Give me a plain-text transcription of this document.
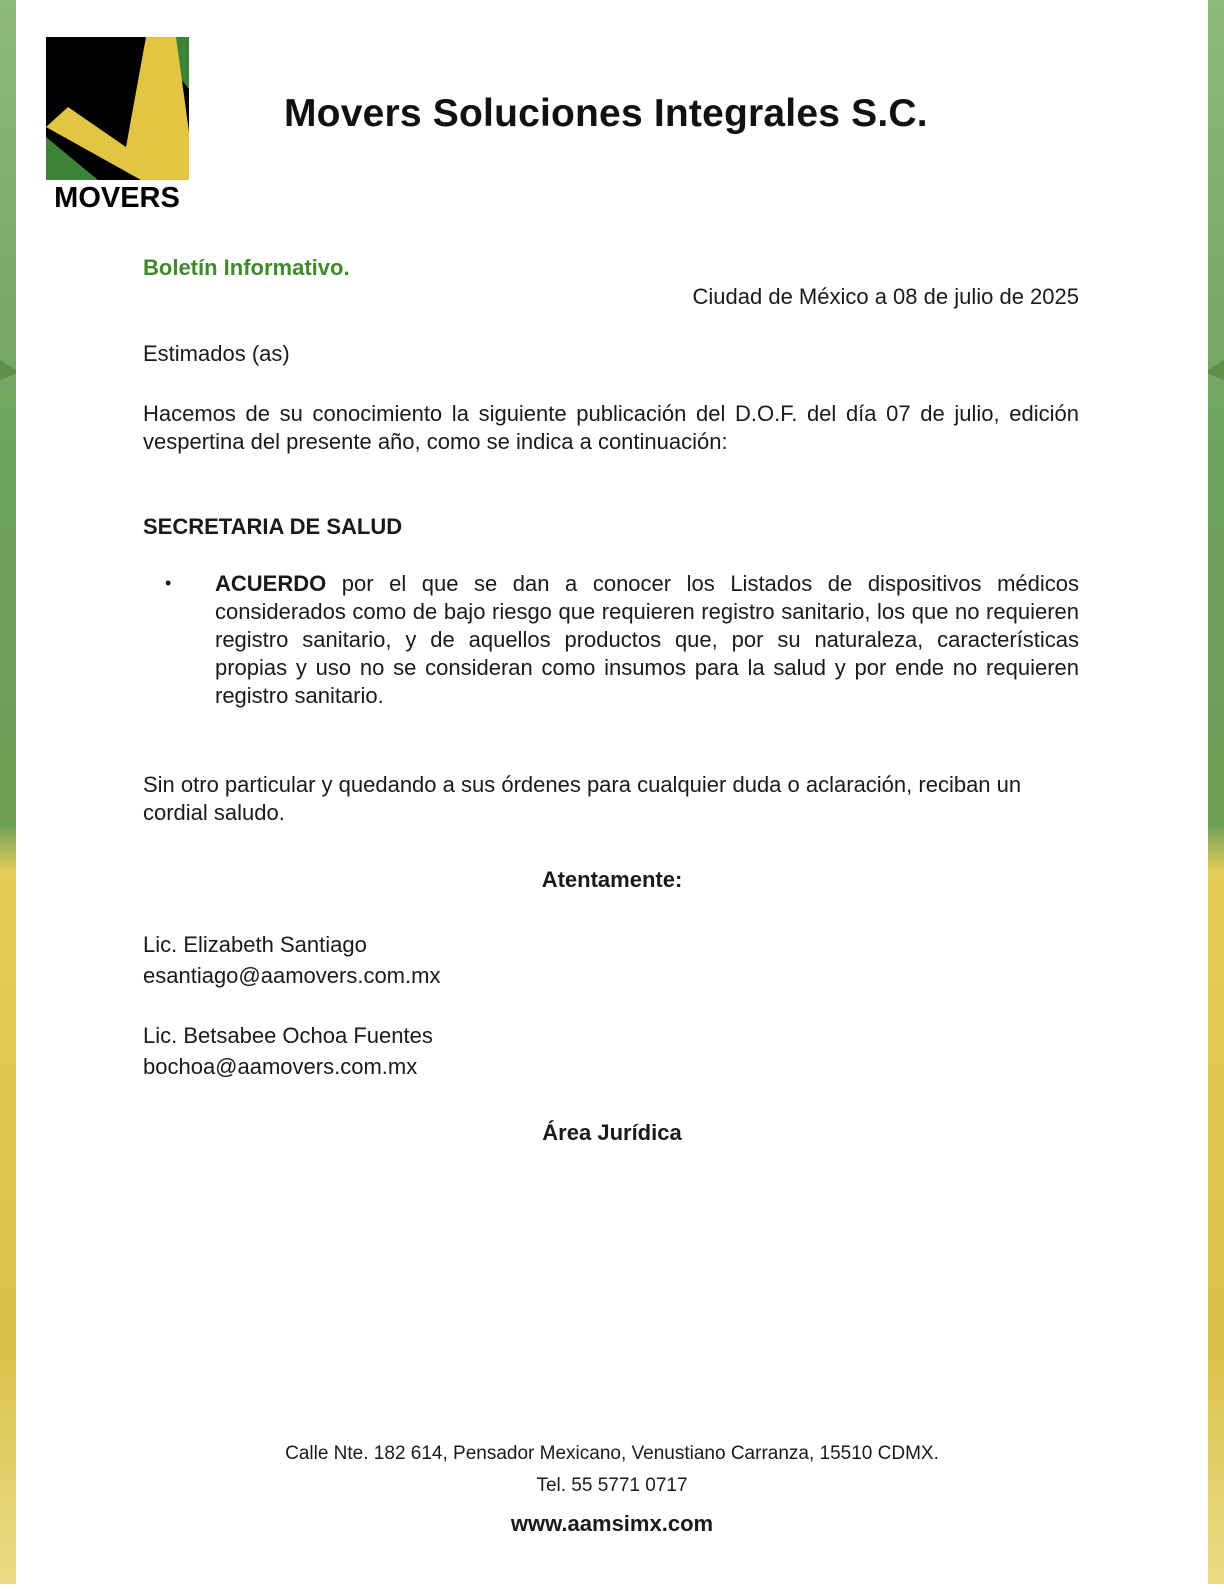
MOVERS
Movers Soluciones Integrales S.C.
Boletín Informativo.
Ciudad de México a 08 de julio de 2025
Estimados (as)
Hacemos de su conocimiento la siguiente publicación del D.O.F. del día 07 de julio, edición vespertina del presente año, como se indica a continuación:
SECRETARIA DE SALUD
• ACUERDO por el que se dan a conocer los Listados de dispositivos médicos considerados como de bajo riesgo que requieren registro sanitario, los que no requieren registro sanitario, y de aquellos productos que, por su naturaleza, características propias y uso no se consideran como insumos para la salud y por ende no requieren registro sanitario.
Sin otro particular y quedando a sus órdenes para cualquier duda o aclaración, reciban un cordial saludo.
Atentamente:
Lic. Elizabeth Santiago
esantiago@aamovers.com.mx
Lic. Betsabee Ochoa Fuentes
bochoa@aamovers.com.mx
Área Jurídica
Calle Nte. 182 614, Pensador Mexicano, Venustiano Carranza, 15510 CDMX.
Tel. 55 5771 0717
www.aamsimx.com
